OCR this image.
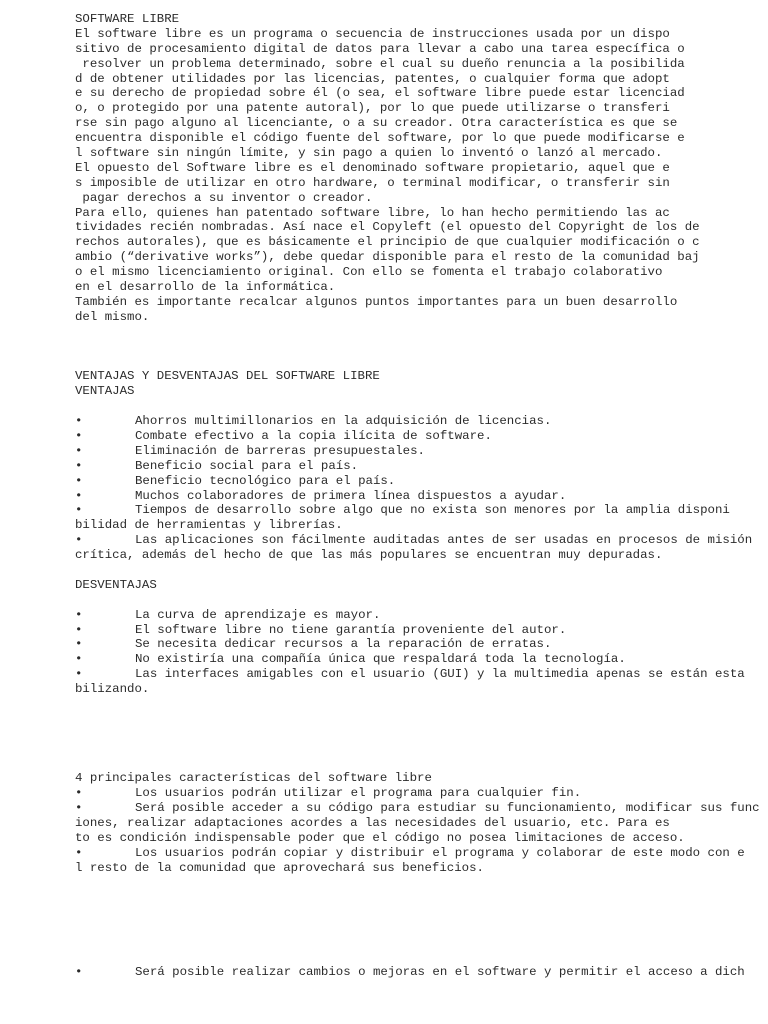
SOFTWARE LIBRE
El software libre es un programa o secuencia de instrucciones usada por un dispo
sitivo de procesamiento digital de datos para llevar a cabo una tarea específica o
resolver un problema determinado, sobre el cual su dueño renuncia a la posibilida
d de obtener utilidades por las licencias, patentes, o cualquier forma que adopt
e su derecho de propiedad sobre él (o sea, el software libre puede estar licenciad
o, o protegido por una patente autoral), por lo que puede utilizarse o transferi
rse sin pago alguno al licenciante, o a su creador. Otra característica es que se
encuentra disponible el código fuente del software, por lo que puede modificarse e
l software sin ningún límite, y sin pago a quien lo inventó o lanzó al mercado.
El opuesto del Software libre es el denominado software propietario, aquel que e
s imposible de utilizar en otro hardware, o terminal modificar, o transferir sin
pagar derechos a su inventor o creador.
Para ello, quienes han patentado software libre, lo han hecho permitiendo las ac
tividades recién nombradas. Así nace el Copyleft (el opuesto del Copyright de los de
rechos autorales), que es básicamente el principio de que cualquier modificación o c
ambio (“derivative works”), debe quedar disponible para el resto de la comunidad baj
o el mismo licenciamiento original. Con ello se fomenta el trabajo colaborativo
en el desarrollo de la informática.
También es importante recalcar algunos puntos importantes para un buen desarrollo
del mismo.
VENTAJAS Y DESVENTAJAS DEL SOFTWARE LIBRE
VENTAJAS
•	Ahorros multimillonarios en la adquisición de licencias.
•	Combate efectivo a la copia ilícita de software.
•	Eliminación de barreras presupuestales.
•	Beneficio social para el país.
•	Beneficio tecnológico para el país.
•	Muchos colaboradores de primera línea dispuestos a ayudar.
•	Tiempos de desarrollo sobre algo que no exista son menores por la amplia disponi
bilidad de herramientas y librerías.
•	Las aplicaciones son fácilmente auditadas antes de ser usadas en procesos de misión
crítica, además del hecho de que las más populares se encuentran muy depuradas.
DESVENTAJAS
•	La curva de aprendizaje es mayor.
•	El software libre no tiene garantía proveniente del autor.
•	Se necesita dedicar recursos a la reparación de erratas.
•	No existiría una compañía única que respaldará toda la tecnología.
•	Las interfaces amigables con el usuario (GUI) y la multimedia apenas se están esta
bilizando.
4 principales características del software libre
•	Los usuarios podrán utilizar el programa para cualquier fin.
•	Será posible acceder a su código para estudiar su funcionamiento, modificar sus func
iones, realizar adaptaciones acordes a las necesidades del usuario, etc. Para es
to es condición indispensable poder que el código no posea limitaciones de acceso.
•	Los usuarios podrán copiar y distribuir el programa y colaborar de este modo con e
l resto de la comunidad que aprovechará sus beneficios.
•	Será posible realizar cambios o mejoras en el software y permitir el acceso a dich
